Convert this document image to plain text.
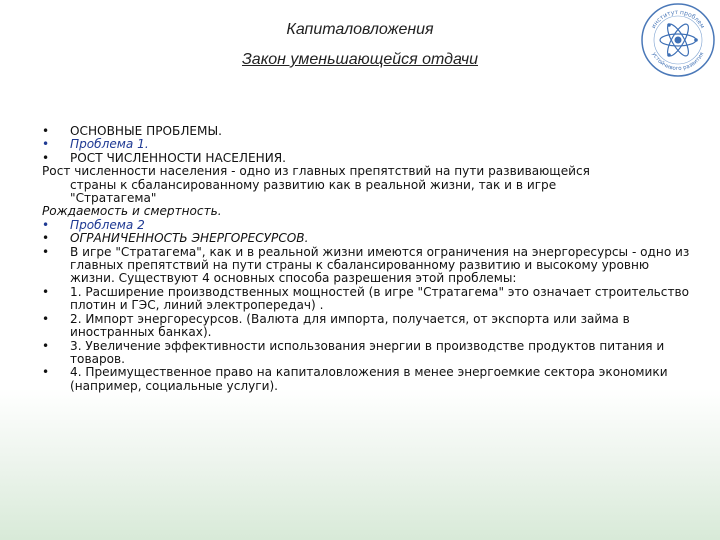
Капиталовложения
Закон уменьшающейся отдачи
институт проблем
устойчивого развития
• ОСНОВНЫЕ ПРОБЛЕМЫ.
• Проблема 1.
• РОСТ ЧИСЛЕННОСТИ НАСЕЛЕНИЯ.
Рост численности населения - одно из главных препятствий на пути развивающейся
страны к сбалансированному развитию как в реальной жизни, так и в игре
"Стратагема"
Рождаемость и смертность.
• Проблема 2
• ОГРАНИЧЕННОСТЬ ЭНЕРГОРЕСУРСОВ.
• В игре "Стратагема", как и в реальной жизни имеются ограничения на энергоресурсы - одно из главных препятствий на пути страны к сбалансированному развитию и высокому уровню жизни. Существуют 4 основных способа разрешения этой проблемы:
• 1. Расширение производственных мощностей (в игре "Стратагема" это означает строительство плотин и ГЭС, линий электропередач) .
• 2. Импорт энергоресурсов. (Валюта для импорта, получается, от экспорта или займа в иностранных банках).
• 3. Увеличение эффективности использования энергии в производстве продуктов питания и товаров.
• 4. Преимущественное право на капиталовложения в менее энергоемкие сектора экономики (например, социальные услуги).
